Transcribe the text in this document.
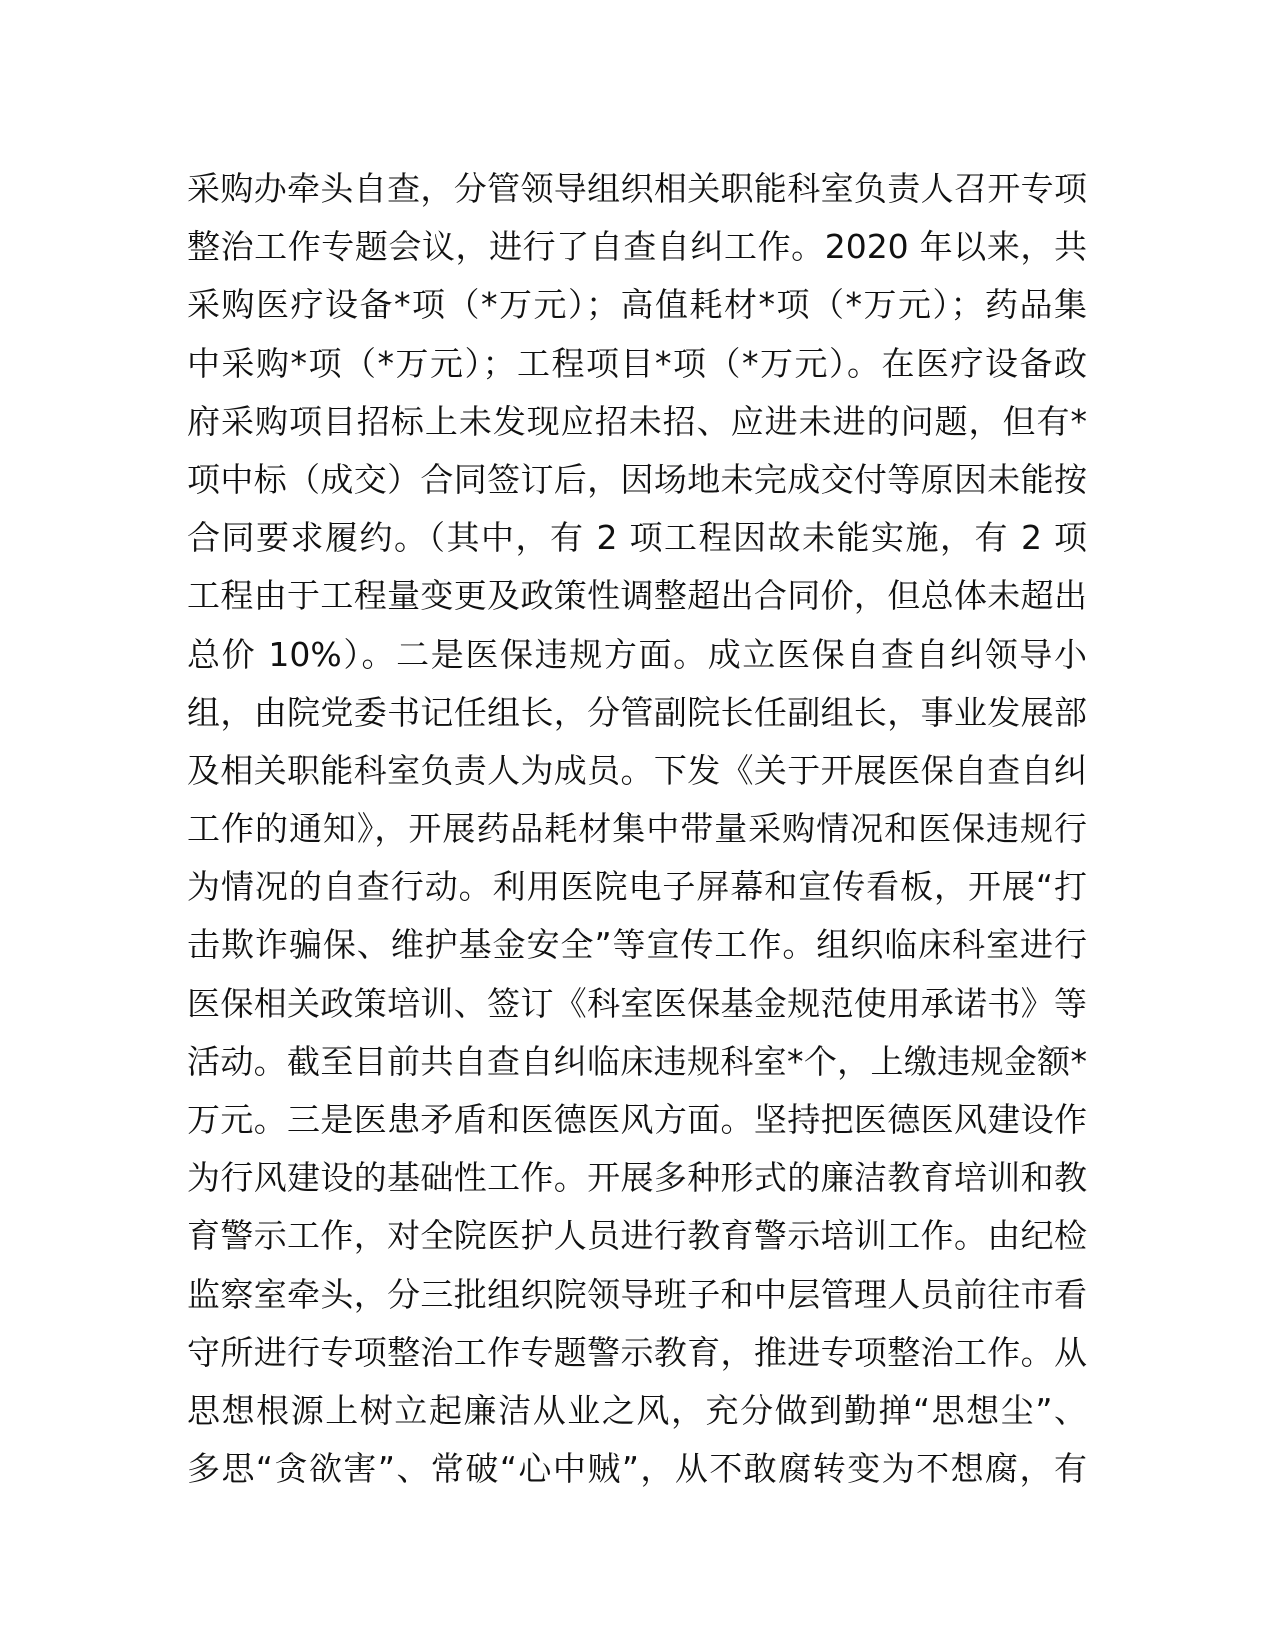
采购办牵头自查，分管领导组织相关职能科室负责人召开专项
整治工作专题会议，进行了自查自纠工作。2020 年以来，共
采购医疗设备*项（*万元）；高值耗材*项（*万元）；药品集
中采购*项（*万元）；工程项目*项（*万元）。在医疗设备政
府采购项目招标上未发现应招未招、应进未进的问题，但有*
项中标（成交）合同签订后，因场地未完成交付等原因未能按
合同要求履约。（其中，有 2 项工程因故未能实施，有 2 项
工程由于工程量变更及政策性调整超出合同价，但总体未超出
总价 10%）。二是医保违规方面。成立医保自查自纠领导小
组，由院党委书记任组长，分管副院长任副组长，事业发展部
及相关职能科室负责人为成员。下发《关于开展医保自查自纠
工作的通知》，开展药品耗材集中带量采购情况和医保违规行
为情况的自查行动。利用医院电子屏幕和宣传看板，开展“打
击欺诈骗保、维护基金安全”等宣传工作。组织临床科室进行
医保相关政策培训、签订《科室医保基金规范使用承诺书》等
活动。截至目前共自查自纠临床违规科室*个，上缴违规金额*
万元。三是医患矛盾和医德医风方面。坚持把医德医风建设作
为行风建设的基础性工作。开展多种形式的廉洁教育培训和教
育警示工作，对全院医护人员进行教育警示培训工作。由纪检
监察室牵头，分三批组织院领导班子和中层管理人员前往市看
守所进行专项整治工作专题警示教育，推进专项整治工作。从
思想根源上树立起廉洁从业之风，充分做到勤掸“思想尘”、
多思“贪欲害”、常破“心中贼”，从不敢腐转变为不想腐，有
